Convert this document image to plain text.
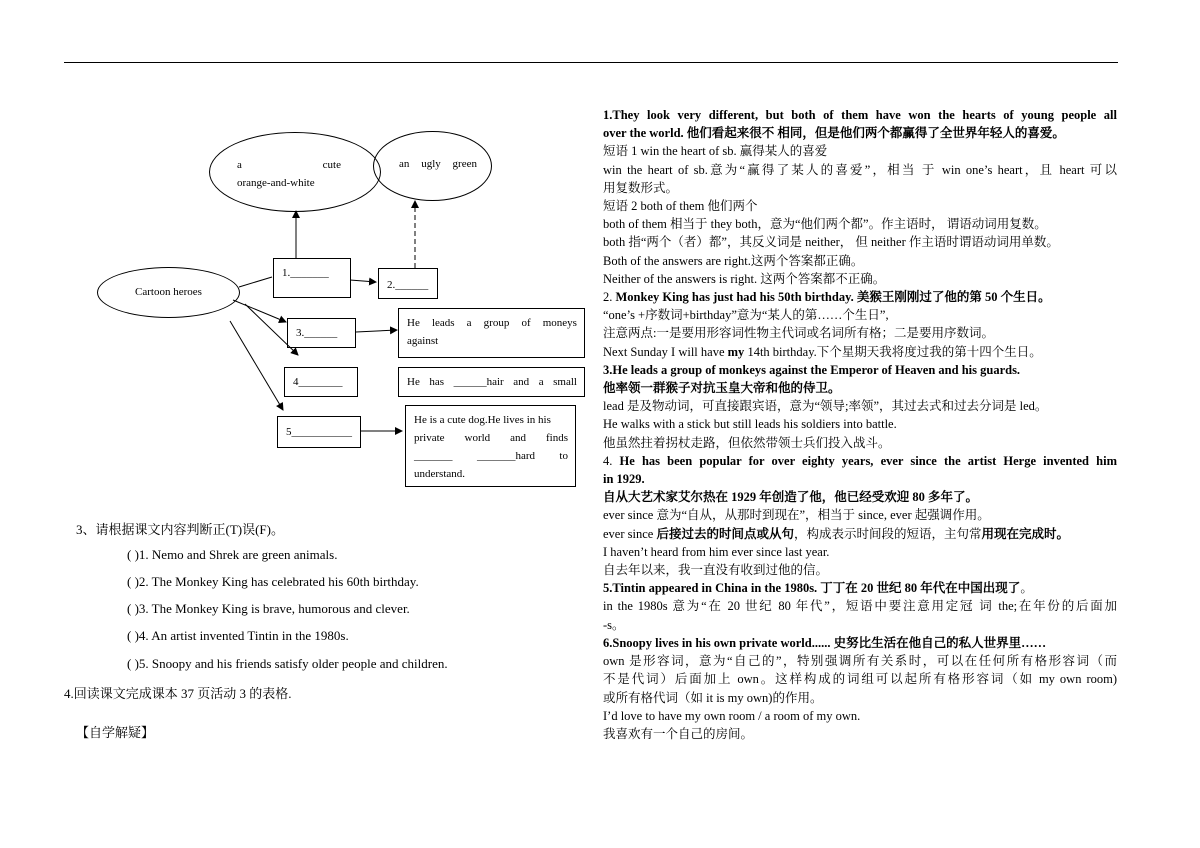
a	cute
orange-and-white
an ugly green
Cartoon heroes
1._______
2.______
3.______
4________
5___________
He leads a group of moneys
against
He has ______hair and a small
He is a cute dog.He lives in his
private world and finds
_______ _______hard to
understand.
3、请根据课文内容判断正(T)误(F)。
( )1. Nemo and Shrek are green animals.
( )2. The Monkey King has celebrated his 60th birthday.
( )3. The Monkey King is brave, humorous and clever.
( )4. An artist invented Tintin in the 1980s.
( )5. Snoopy and his friends satisfy older people and children.
4.回读课文完成课本 37 页活动 3 的表格.
【自学解疑】

1.They look very different, but both of them have won the hearts of young people all

over the world. 他们看起来很不 相同，但是他们两个都赢得了全世界年轻人的喜爱。

短语 1 win the heart of sb. 赢得某人的喜爱

win the heart of sb.意为“赢得了某人的喜爱”，相当 于 win one’s heart，且 heart 可以

用复数形式。

短语 2 both of them 他们两个

both of them 相当于 they both，意为“他们两个都”。作主语时， 谓语动词用复数。

both 指“两个（者）都”，其反义词是 neither， 但 neither 作主语时谓语动词用单数。

Both of the answers are right.这两个答案都正确。

Neither of the answers is right. 这两个答案都不正确。

2. Monkey King has just had his 50th birthday. 美猴王刚刚过了他的第 50 个生日。

“one’s +序数词+birthday”意为“某人的第……个生日”,

注意两点:一是要用形容词性物主代词或名词所有格；二是要用序数词。

Next Sunday I will have my 14th birthday.下个星期天我将度过我的第十四个生日。

3.He leads a group of monkeys against the Emperor of Heaven and his guards.

他率领一群猴子对抗玉皇大帝和他的侍卫。

lead 是及物动词，可直接跟宾语，意为“领导;率领”，其过去式和过去分词是 led。

He walks with a stick but still leads his soldiers into battle.

他虽然拄着拐杖走路，但依然带领士兵们投入战斗。

4. He has been popular for over eighty years, ever since the artist Herge invented him

in 1929.

自从大艺术家艾尔热在 1929 年创造了他，他已经受欢迎 80 多年了。

ever since 意为“自从，从那时到现在”，相当于 since, ever 起强调作用。

ever since 后接过去的时间点或从句，构成表示时间段的短语，主句常用现在完成时。

I haven’t heard from him ever since last year.

自去年以来，我一直没有收到过他的信。

5.Tintin appeared in China in the 1980s. 丁丁在 20 世纪 80 年代在中国出现了。

in the 1980s 意为“在 20 世纪 80 年代”，短语中要注意用定冠 词 the;在年份的后面加

-s。

6.Snoopy lives in his own private world...... 史努比生活在他自己的私人世界里……

own 是形容词，意为“自己的”，特别强调所有关系时，可以在任何所有格形容词（而

不是代词）后面加上 own。这样构成的词组可以起所有格形容词（如 my own room)

或所有格代词（如 it is my own)的作用。

I’d love to have my own room / a room of my own.

我喜欢有一个自己的房间。
